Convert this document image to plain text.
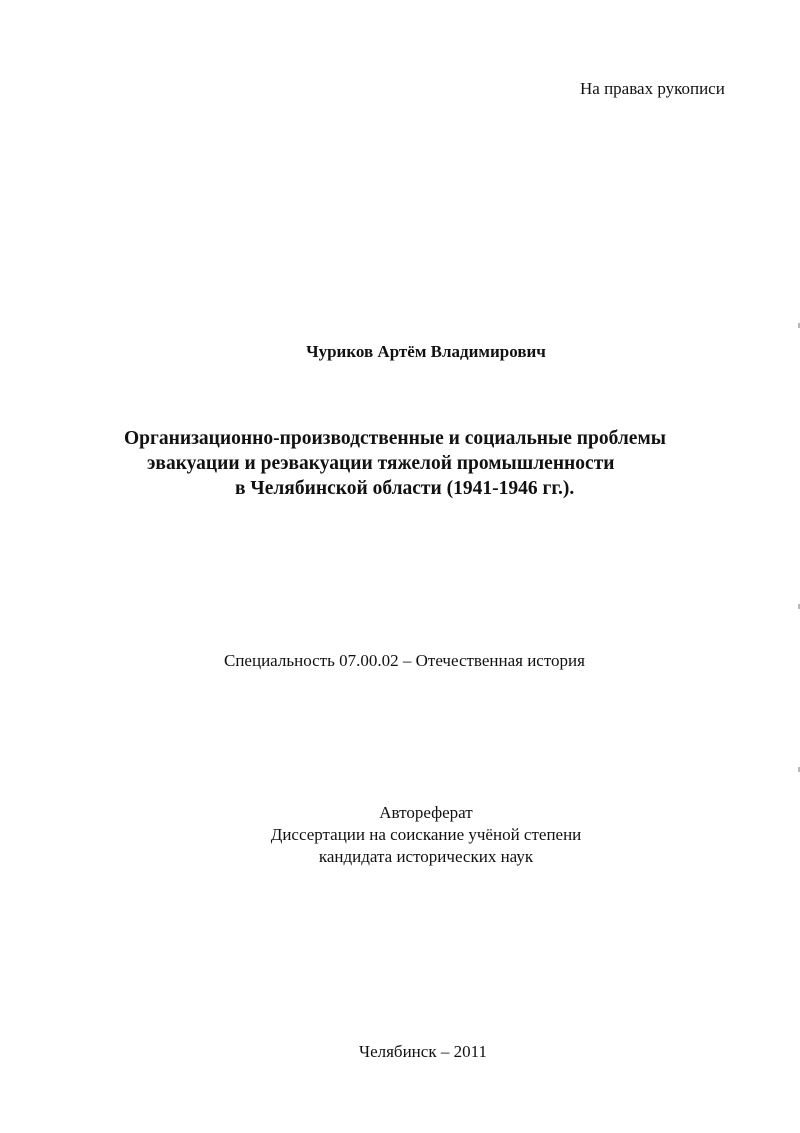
На правах рукописи
Чуриков Артём Владимирович
Организационно-производственные и социальные проблемы
эвакуации и реэвакуации тяжелой промышленности
в Челябинской области (1941-1946 гг.).
Специальность 07.00.02 – Отечественная история
Автореферат
Диссертации на соискание учёной степени
кандидата исторических наук
Челябинск – 2011
